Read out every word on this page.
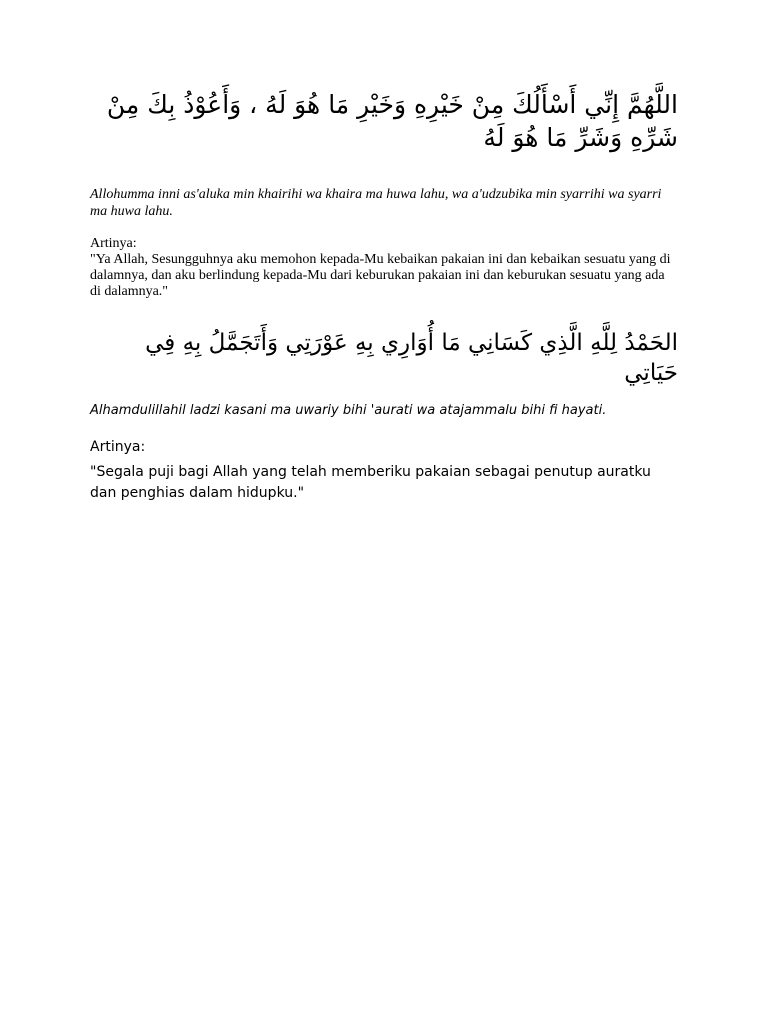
اللَّهُمَّ إِنِّي أَسْأَلُكَ مِنْ خَيْرِهِ وَخَيْرِ مَا هُوَ لَهُ ، وَأَعُوْذُ بِكَ مِنْ شَرِّهِ وَشَرِّ مَا هُوَ لَهُ

Allohumma inni as'aluka min khairihi wa khaira ma huwa lahu, wa a'udzubika min syarrihi wa syarri ma huwa lahu.

Artinya:

"Ya Allah, Sesungguhnya aku memohon kepada-Mu kebaikan pakaian ini dan kebaikan sesuatu yang di dalamnya, dan aku berlindung kepada-Mu dari keburukan pakaian ini dan keburukan sesuatu yang ada di dalamnya."

الحَمْدُ لِلَّهِ الَّذِي كَسَانِي مَا أُوَارِي بِهِ عَوْرَتِي وَأَتَجَمَّلُ بِهِ فِي حَيَاتِي

Alhamdulillahil ladzi kasani ma uwariy bihi 'aurati wa atajammalu bihi fi hayati.

Artinya:

"Segala puji bagi Allah yang telah memberiku pakaian sebagai penutup auratku dan penghias dalam hidupku."
